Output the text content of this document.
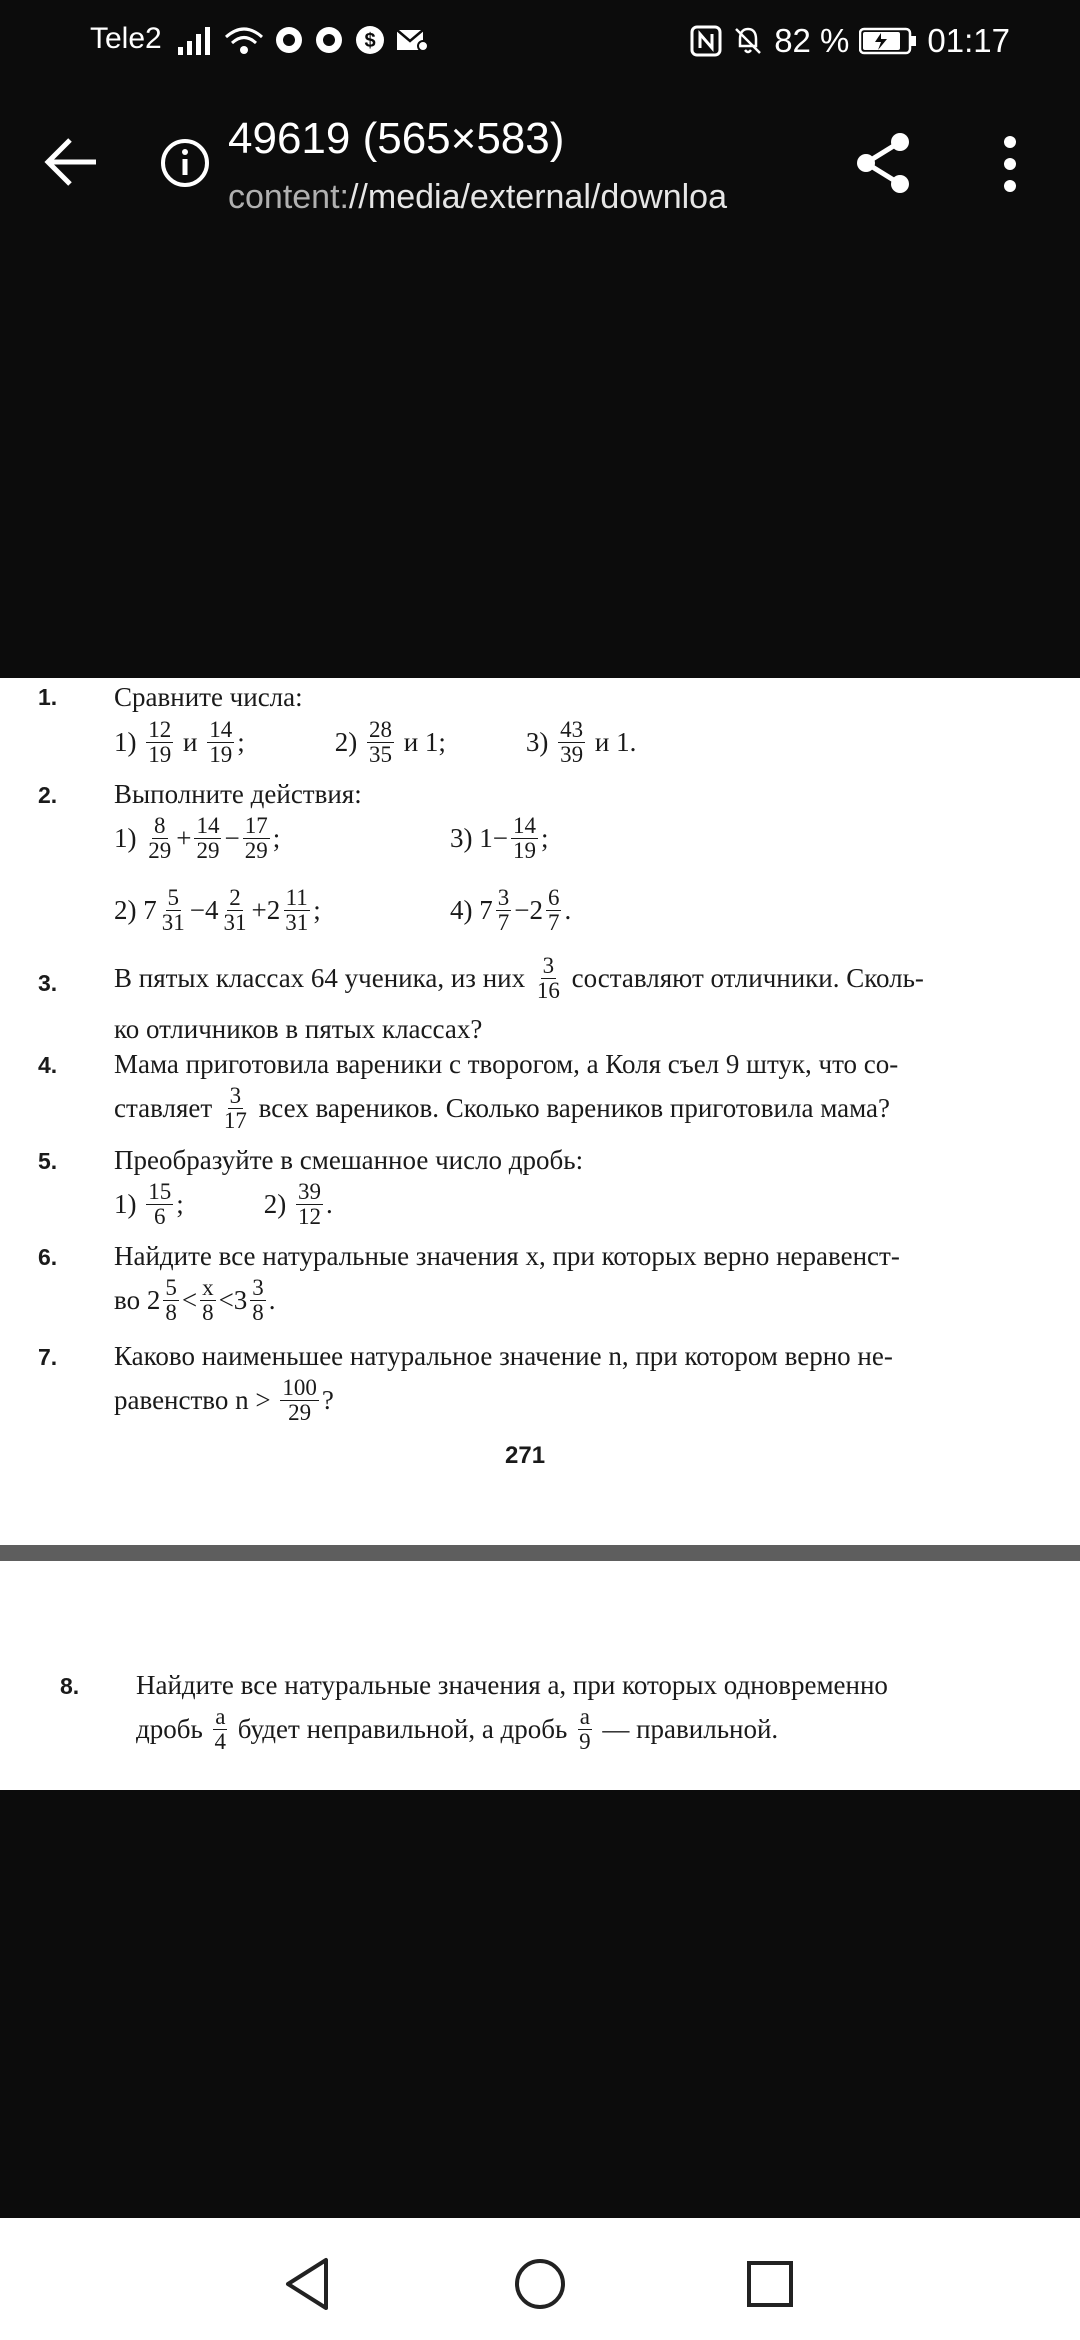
Tele2	$	82 % 01:17
49619 (565×583)
content://media/external/downloa
1. Сравните числа:
1)
$\frac{12}{19}$
и
$\frac{14}{19}$ ;	2)
$\frac{28}{35}$
и 1;	3)
$\frac{43}{39}$
и 1.
2. Выполните действия:
1)
$\frac{8}{29} + \frac{14}{29} - \frac{17}{29}$ ;	3)
$1 - \frac{14}{19}$ ;
2)
$7 \frac{5}{31} - 4 \frac{2}{31} + 2 \frac{11}{31}$ ;	4)
$7 \frac{3}{7} - 2 \frac{6}{7}$ .
3. В пятых классах 64 ученика, из них
$\frac{3}{16}$
составляют отличники. Сколь-
ко отличников в пятых классах?
4. Мама приготовила вареники с творогом, а Коля съел 9 штук, что со-
ставляет
$\frac{3}{17}$
всех вареников. Сколько вареников приготовила мама?
5. Преобразуйте в смешанное число дробь:
1)
$\frac{15}{6}$ ;	2)
$\frac{39}{12}$ .
6. Найдите все натуральные значения x, при которых верно неравенст-
во
$2 \frac{5}{8} < \frac{x}{8} < 3 \frac{3}{8}$ .
7. Каково наименьшее натуральное значение n, при котором верно не-
равенство n >
$\frac{100}{29}$ ?
271
8. Найдите все натуральные значения a, при которых одновременно
дробь
$\frac{a}{4}$
будет неправильной, а дробь
$\frac{a}{9}$
— правильной.
